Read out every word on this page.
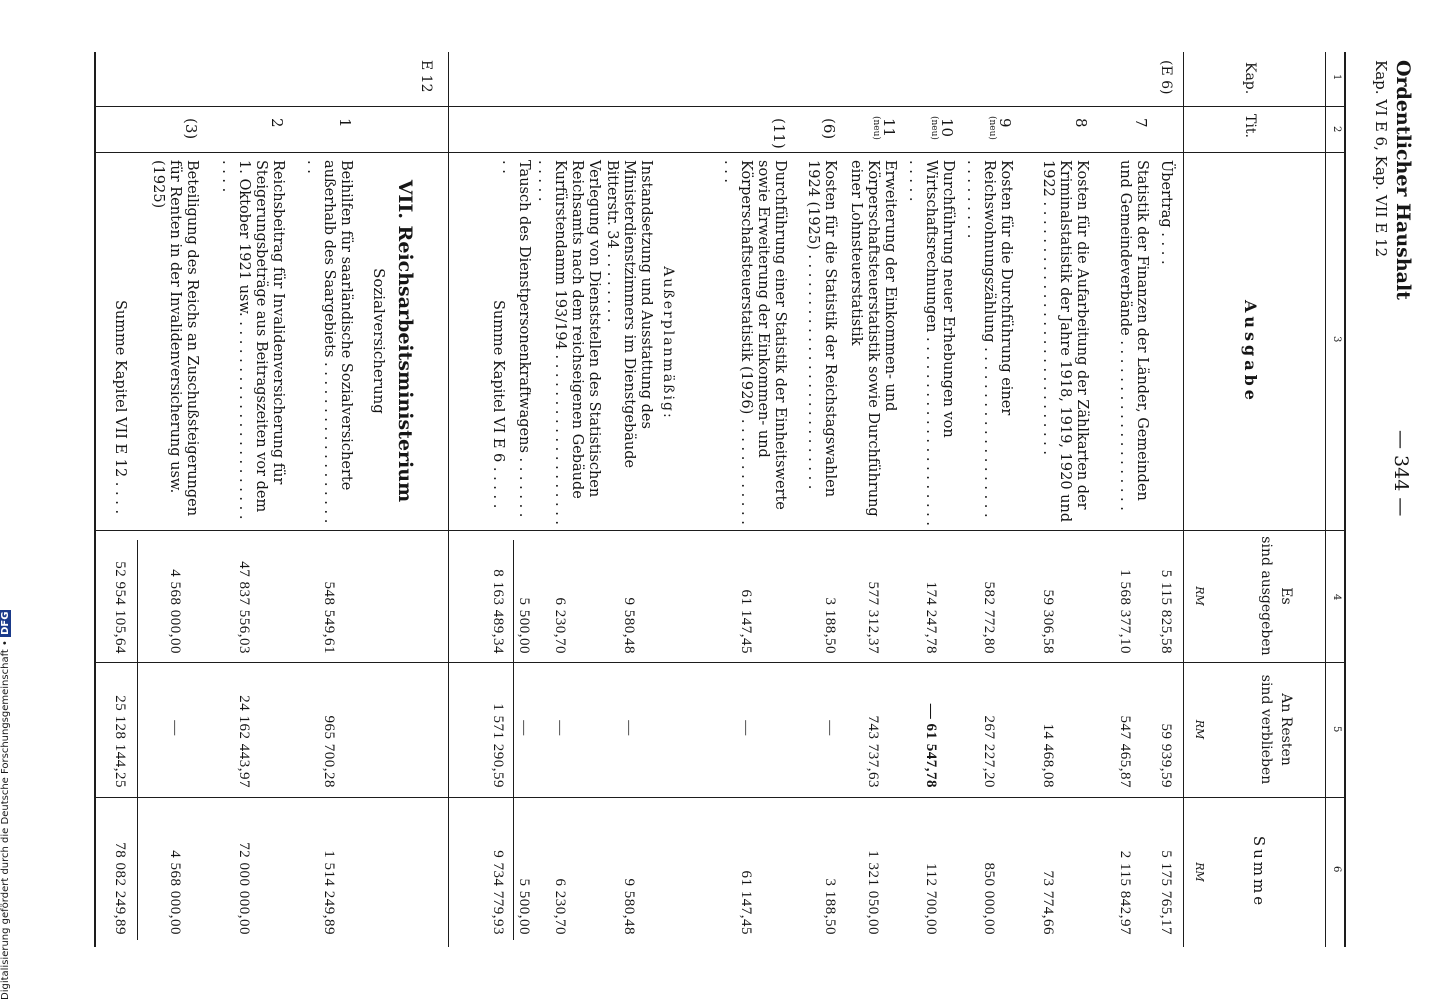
Ordentlicher Haushalt
Kap. VI E 6, Kap. VII E 12
— 344 —
1
2
3
4
5
6
Kap.
Tit.
Ausgabe
Es
sind ausgegeben
RM
An Resten
sind verblieben
RM
Summe
RM
(E 6)
Übertrag . . . .
5 115 825,58
59 939,59
5 175 765,17
7
Statistik der Finanzen der Länder, Gemeinden und Gemeindeverbände . . . . . . . . . . . . . . . . . . .
1 568 377,10
547 465,87
2 115 842,97
8
Kosten für die Aufarbeitung der Zählkarten der Kriminalstatistik der Jahre 1918, 1919, 1920 und 1922 . . . . . . . . . . . . . . . . . . . . . . . . . . . .
59 306,58
14 468,08
73 774,66
9
(neu)
Kosten für die Durchführung einer Reichswohnungszählung . . . . . . . . . . . . . . . . . . . . . . . . . . . .
582 772,80
267 227,20
850 000,00
10
(neu)
Durchführung neuer Erhebungen von Wirtschaftsrechnungen . . . . . . . . . . . . . . . . . . . . . . . . . .
174 247,78
— 61 547,78
112 700,00
11
(neu)
Erweiterung der Einkommen- und Körperschaftsteuerstatistik sowie Durchführung einer Lohnsteuerstatistik
577 312,37
743 737,63
1 321 050,00
(6)
Kosten für die Statistik der Reichstagswahlen 1924 (1925) . . . . . . . . . . . . . . . . . . . . . . . . . .
3 188,50
—
3 188,50
(11)
Durchführung einer Statistik der Einheitswerte sowie Erweiterung der Einkommen- und Körperschaftsteuerstatistik (1926) . . . . . . . . . . . . . . .
61 147,45
—
61 147,45
Außerplanmäßig:
Instandsetzung und Ausstattung des Ministerdienstzimmers im Dienstgebäude Bitterstr. 34 . . . . . . . .
9 580,48
—
9 580,48
Verlegung von Dienststellen des Statistischen Reichsamts nach dem reichseigenen Gebäude Kurfürstendamm 193/194 . . . . . . . . . . . . . . . . . . . . . . . .
6 230,70
—
6 230,70
Tausch des Dienstpersonenkraftwagens . . . . . . . . .
5 500,00
—
5 500,00
Summe Kapitel VI E 6 . . . . .
8 163 489,34
1 571 290,59
9 734 779,93
E 12
VII. Reichsarbeitsministerium
Sozialversicherung
1
Beihilfen für saarländische Sozialversicherte außerhalb des Saargebiets . . . . . . . . . . . . . . . . . . . .
548 549,61
965 700,28
1 514 249,89
2
Reichsbeitrag für Invalidenversicherung für Steigerungsbeträge aus Beitragszeiten vor dem 1. Oktober 1921 usw. . . . . . . . . . . . . . . . . . . . . . . . . . .
47 837 556,03
24 162 443,97
72 000 000,00
(3)
Beteiligung des Reichs an Zuschußsteigerungen für Renten in der Invalidenversicherung usw. (1925)
4 568 000,00
—
4 568 000,00
Summe Kapitel VII E 12 . . . .
52 954 105,64
25 128 144,25
78 082 249,89
Digitalisierung gefördert durch die Deutsche Forschungsgemeinschaft • DFG
